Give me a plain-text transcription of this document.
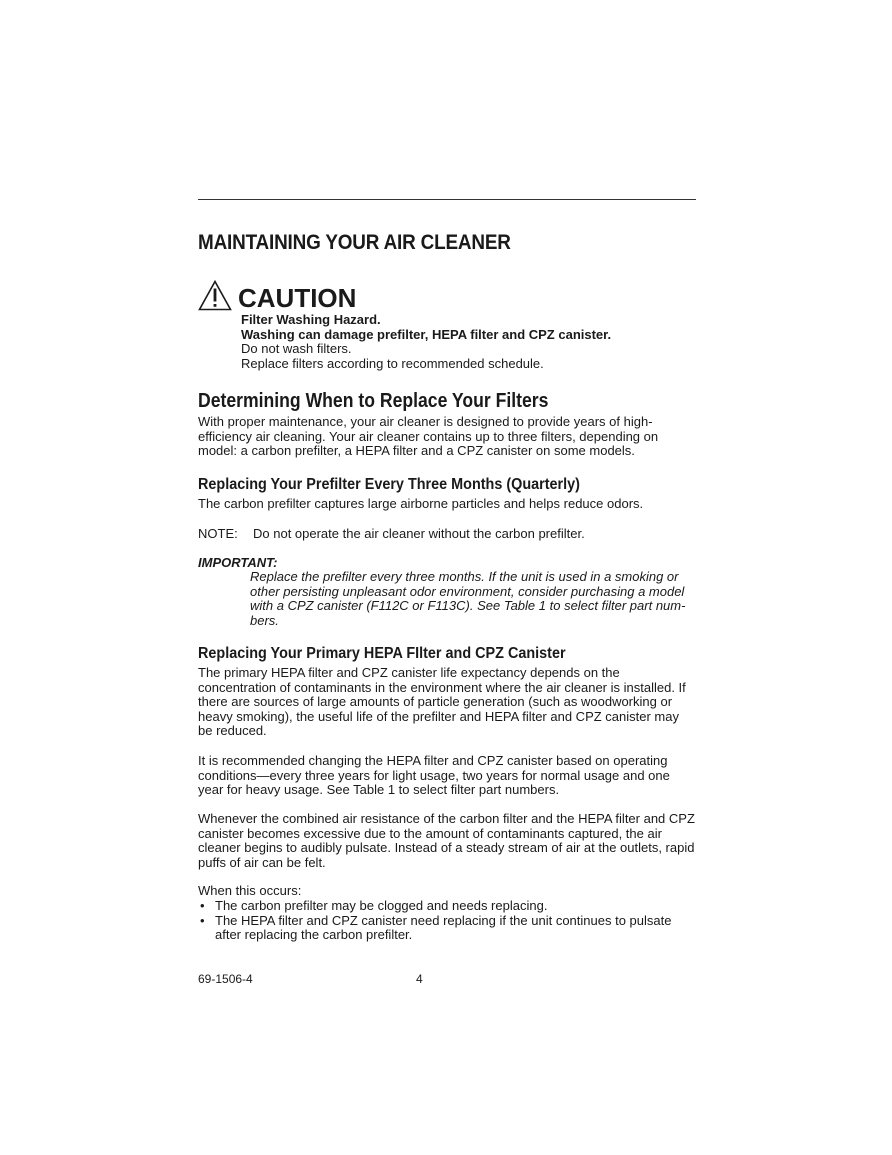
MAINTAINING YOUR AIR CLEANER
CAUTION
Filter Washing Hazard.
Washing can damage prefilter, HEPA filter and CPZ canister.
Do not wash filters.
Replace filters according to recommended schedule.
Determining When to Replace Your Filters

With proper maintenance, your air cleaner is designed to provide years of high-efficiency air cleaning. Your air cleaner contains up to three filters, depending on model: a carbon prefilter, a HEPA filter and a CPZ canister on some models.

Replacing Your Prefilter Every Three Months (Quarterly)

The carbon prefilter captures large airborne particles and helps reduce odors.

NOTE: Do not operate the air cleaner without the carbon prefilter.
IMPORTANT:

Replace the prefilter every three months. If the unit is used in a smoking or other persisting unpleasant odor environment, consider purchasing a model with a CPZ canister (F112C or F113C). See Table 1 to select filter part num-bers.

Replacing Your Primary HEPA FIlter and CPZ Canister

The primary HEPA filter and CPZ canister life expectancy depends on the concentration of contaminants in the environment where the air cleaner is installed. If there are sources of large amounts of particle generation (such as woodworking or heavy smoking), the useful life of the prefilter and HEPA filter and CPZ canister may be reduced.

It is recommended changing the HEPA filter and CPZ canister based on operating conditions—every three years for light usage, two years for normal usage and one year for heavy usage. See Table 1 to select filter part numbers.

Whenever the combined air resistance of the carbon filter and the HEPA filter and CPZ canister becomes excessive due to the amount of contaminants captured, the air cleaner begins to audibly pulsate. Instead of a steady stream of air at the outlets, rapid puffs of air can be felt.

When this occurs:

• The carbon prefilter may be clogged and needs replacing.
• The HEPA filter and CPZ canister need replacing if the unit continues to pulsate after replacing the carbon prefilter.
69-1506-4	4
